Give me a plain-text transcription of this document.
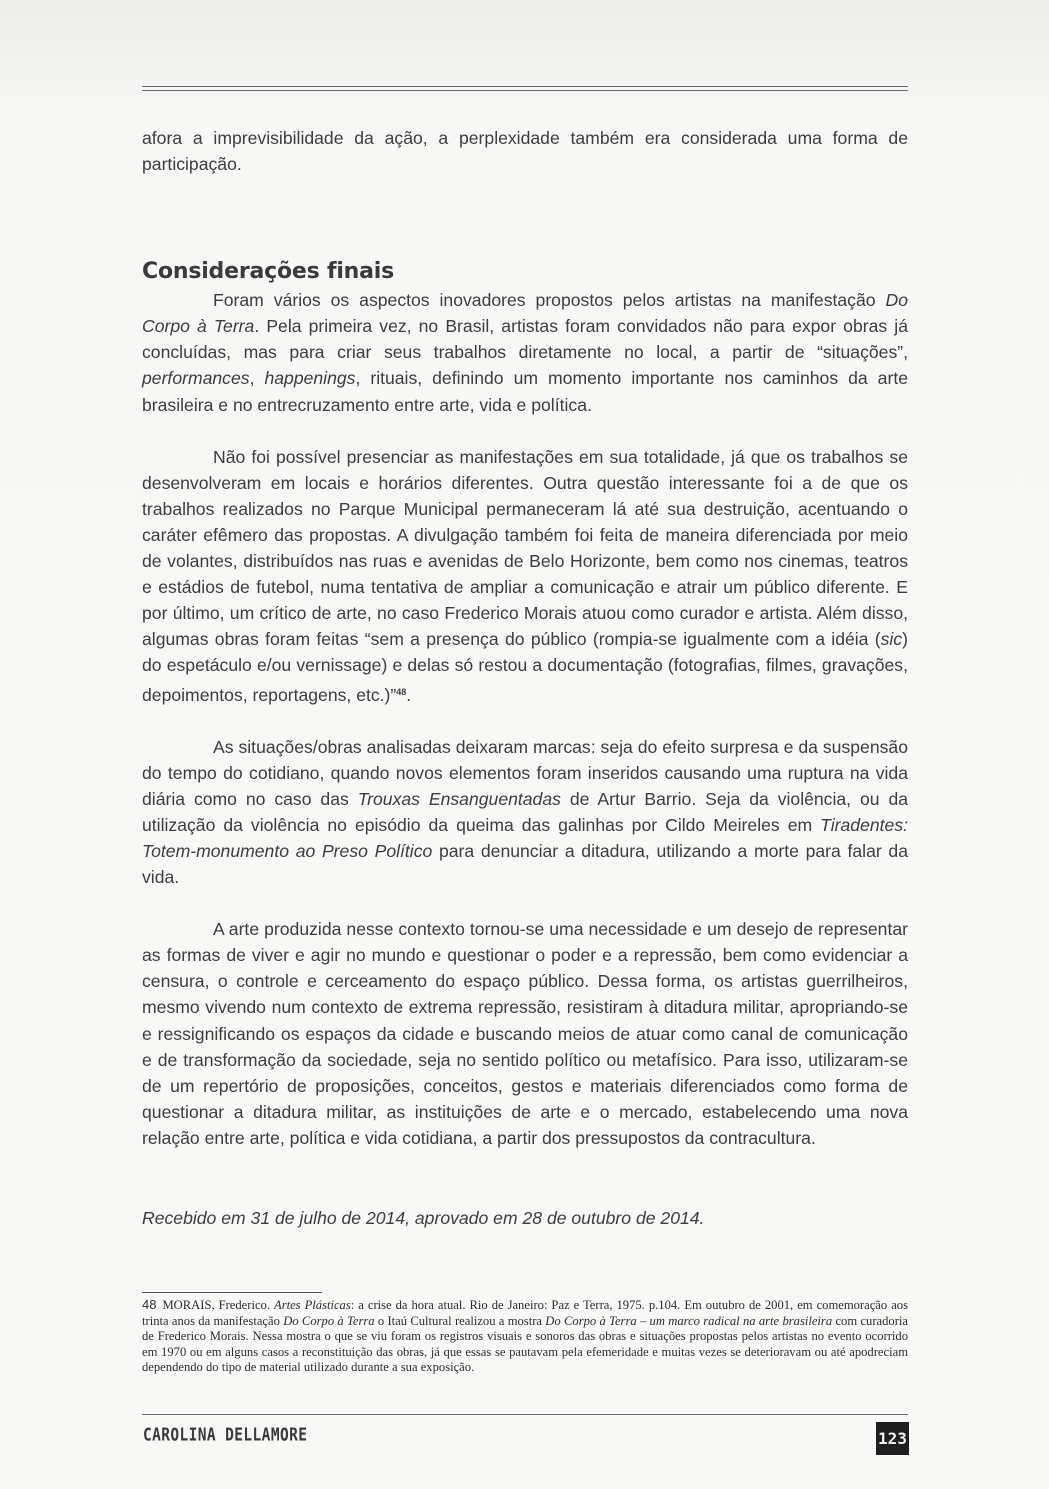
afora a imprevisibilidade da ação, a perplexidade também era considerada uma forma de participação.

Considerações finais

Foram vários os aspectos inovadores propostos pelos artistas na manifestação Do Corpo à Terra. Pela primeira vez, no Brasil, artistas foram convidados não para expor obras já concluídas, mas para criar seus trabalhos diretamente no local, a partir de “situações”, performances, happenings, rituais, definindo um momento importante nos caminhos da arte brasileira e no entrecruzamento entre arte, vida e política.

Não foi possível presenciar as manifestações em sua totalidade, já que os trabalhos se desenvolveram em locais e horários diferentes. Outra questão interessante foi a de que os trabalhos realizados no Parque Municipal permaneceram lá até sua destruição, acentuando o caráter efêmero das propostas. A divulgação também foi feita de maneira diferenciada por meio de volantes, distribuídos nas ruas e avenidas de Belo Horizonte, bem como nos cinemas, teatros e estádios de futebol, numa tentativa de ampliar a comunicação e atrair um público diferente. E por último, um crítico de arte, no caso Frederico Morais atuou como curador e artista. Além disso, algumas obras foram feitas “sem a presença do público (rompia-se igualmente com a idéia (sic) do espetáculo e/ou vernissage) e delas só restou a documentação (fotografias, filmes, gravações, depoimentos, reportagens, etc.)”$^{48}$.

As situações/obras analisadas deixaram marcas: seja do efeito surpresa e da suspensão do tempo do cotidiano, quando novos elementos foram inseridos causando uma ruptura na vida diária como no caso das Trouxas Ensanguentadas de Artur Barrio. Seja da violência, ou da utilização da violência no episódio da queima das galinhas por Cildo Meireles em Tiradentes: Totem-monumento ao Preso Político para denunciar a ditadura, utilizando a morte para falar da vida.

A arte produzida nesse contexto tornou-se uma necessidade e um desejo de representar as formas de viver e agir no mundo e questionar o poder e a repressão, bem como evidenciar a censura, o controle e cerceamento do espaço público. Dessa forma, os artistas guerrilheiros, mesmo vivendo num contexto de extrema repressão, resistiram à ditadura militar, apropriando-se e ressignificando os espaços da cidade e buscando meios de atuar como canal de comunicação e de transformação da sociedade, seja no sentido político ou metafísico. Para isso, utilizaram-se de um repertório de proposições, conceitos, gestos e materiais diferenciados como forma de questionar a ditadura militar, as instituições de arte e o mercado, estabelecendo uma nova relação entre arte, política e vida cotidiana, a partir dos pressupostos da contracultura.

Recebido em 31 de julho de 2014, aprovado em 28 de outubro de 2014.

48 MORAIS, Frederico. Artes Plásticas: a crise da hora atual. Rio de Janeiro: Paz e Terra, 1975. p.104. Em outubro de 2001, em comemoração aos trinta anos da manifestação Do Corpo à Terra o Itaú Cultural realizou a mostra Do Corpo à Terra – um marco radical na arte brasileira com curadoria de Frederico Morais. Nessa mostra o que se viu foram os registros visuais e sonoros das obras e situações propostas pelos artistas no evento ocorrido em 1970 ou em alguns casos a reconstituição das obras, já que essas se pautavam pela efemeridade e muitas vezes se deterioravam ou até apodreciam dependendo do tipo de material utilizado durante a sua exposição.
CAROLINA DELLAMORE	123
